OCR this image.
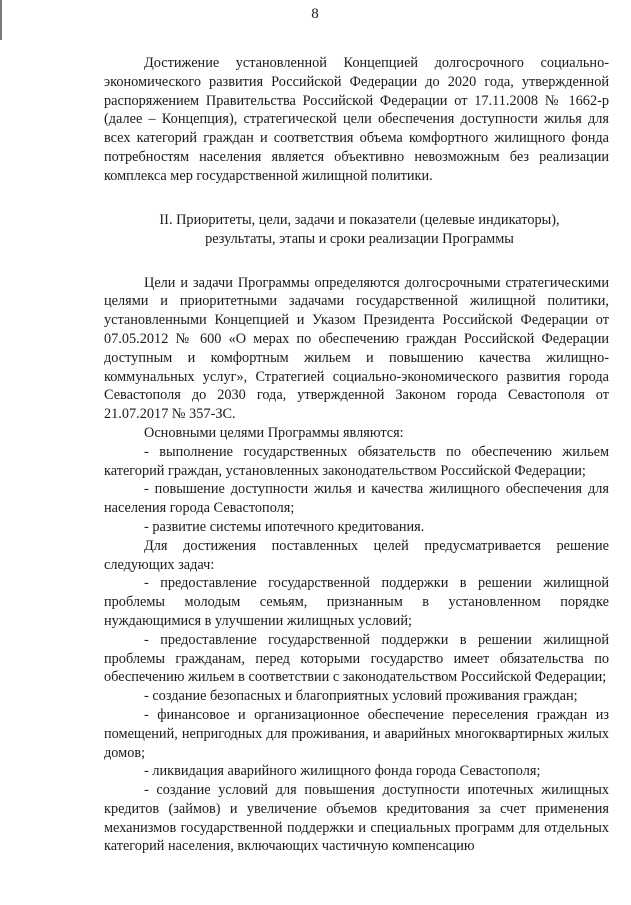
8

Достижение установленной Концепцией долгосрочного социально-экономического развития Российской Федерации до 2020 года, утвержденной распоряжением Правительства Российской Федерации от 17.11.2008 № 1662-р (далее – Концепция), стратегической цели обеспечения доступности жилья для всех категорий граждан и соответствия объема комфортного жилищного фонда потребностям населения является объективно невозможным без реализации комплекса мер государственной жилищной политики.

II. Приоритеты, цели, задачи и показатели (целевые индикаторы),
результаты, этапы и сроки реализации Программы

Цели и задачи Программы определяются долгосрочными стратегическими целями и приоритетными задачами государственной жилищной политики, установленными Концепцией и Указом Президента Российской Федерации от 07.05.2012 № 600 «О мерах по обеспечению граждан Российской Федерации доступным и комфортным жильем и повышению качества жилищно-коммунальных услуг», Стратегией социально-экономического развития города Севастополя до 2030 года, утвержденной Законом города Севастополя от 21.07.2017 № 357-ЗС.

Основными целями Программы являются:

- выполнение государственных обязательств по обеспечению жильем категорий граждан, установленных законодательством Российской Федерации;

- повышение доступности жилья и качества жилищного обеспечения для населения города Севастополя;

- развитие системы ипотечного кредитования.

Для достижения поставленных целей предусматривается решение следующих задач:

- предоставление государственной поддержки в решении жилищной проблемы молодым семьям, признанным в установленном порядке нуждающимися в улучшении жилищных условий;

- предоставление государственной поддержки в решении жилищной проблемы гражданам, перед которыми государство имеет обязательства по обеспечению жильем в соответствии с законодательством Российской Федерации;

- создание безопасных и благоприятных условий проживания граждан;

- финансовое и организационное обеспечение переселения граждан из помещений, непригодных для проживания, и аварийных многоквартирных жилых домов;

- ликвидация аварийного жилищного фонда города Севастополя;

- создание условий для повышения доступности ипотечных жилищных кредитов (займов) и увеличение объемов кредитования за счет применения механизмов государственной поддержки и специальных программ для отдельных категорий населения, включающих частичную компенсацию
